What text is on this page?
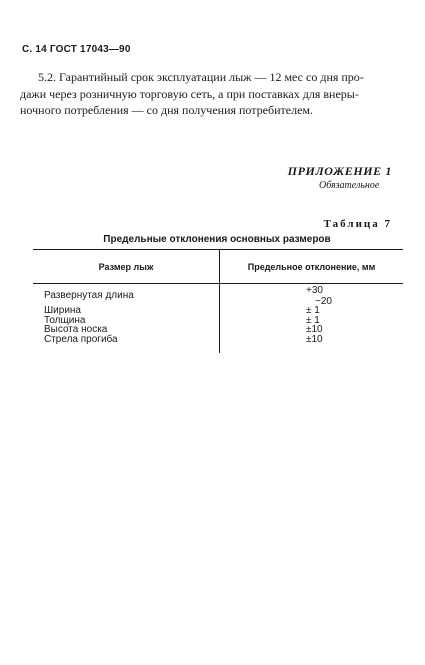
С. 14 ГОСТ 17043—90
5.2. Гарантийный срок эксплуатации лыж — 12 мес со дня про-
дажи через розничную торговую сеть, а при поставках для внеры-
ночного потребления — со дня получения потребителем.
ПРИЛОЖЕНИЕ 1
Обязательное
Таблица 7
Предельные отклонения основных размеров
Размер лыж	Предельное отклонение, мм
Развернутая длина	+30
−20
Ширина	± 1
Толщина	± 1
Высота носка	±10
Стрела прогиба	±10
